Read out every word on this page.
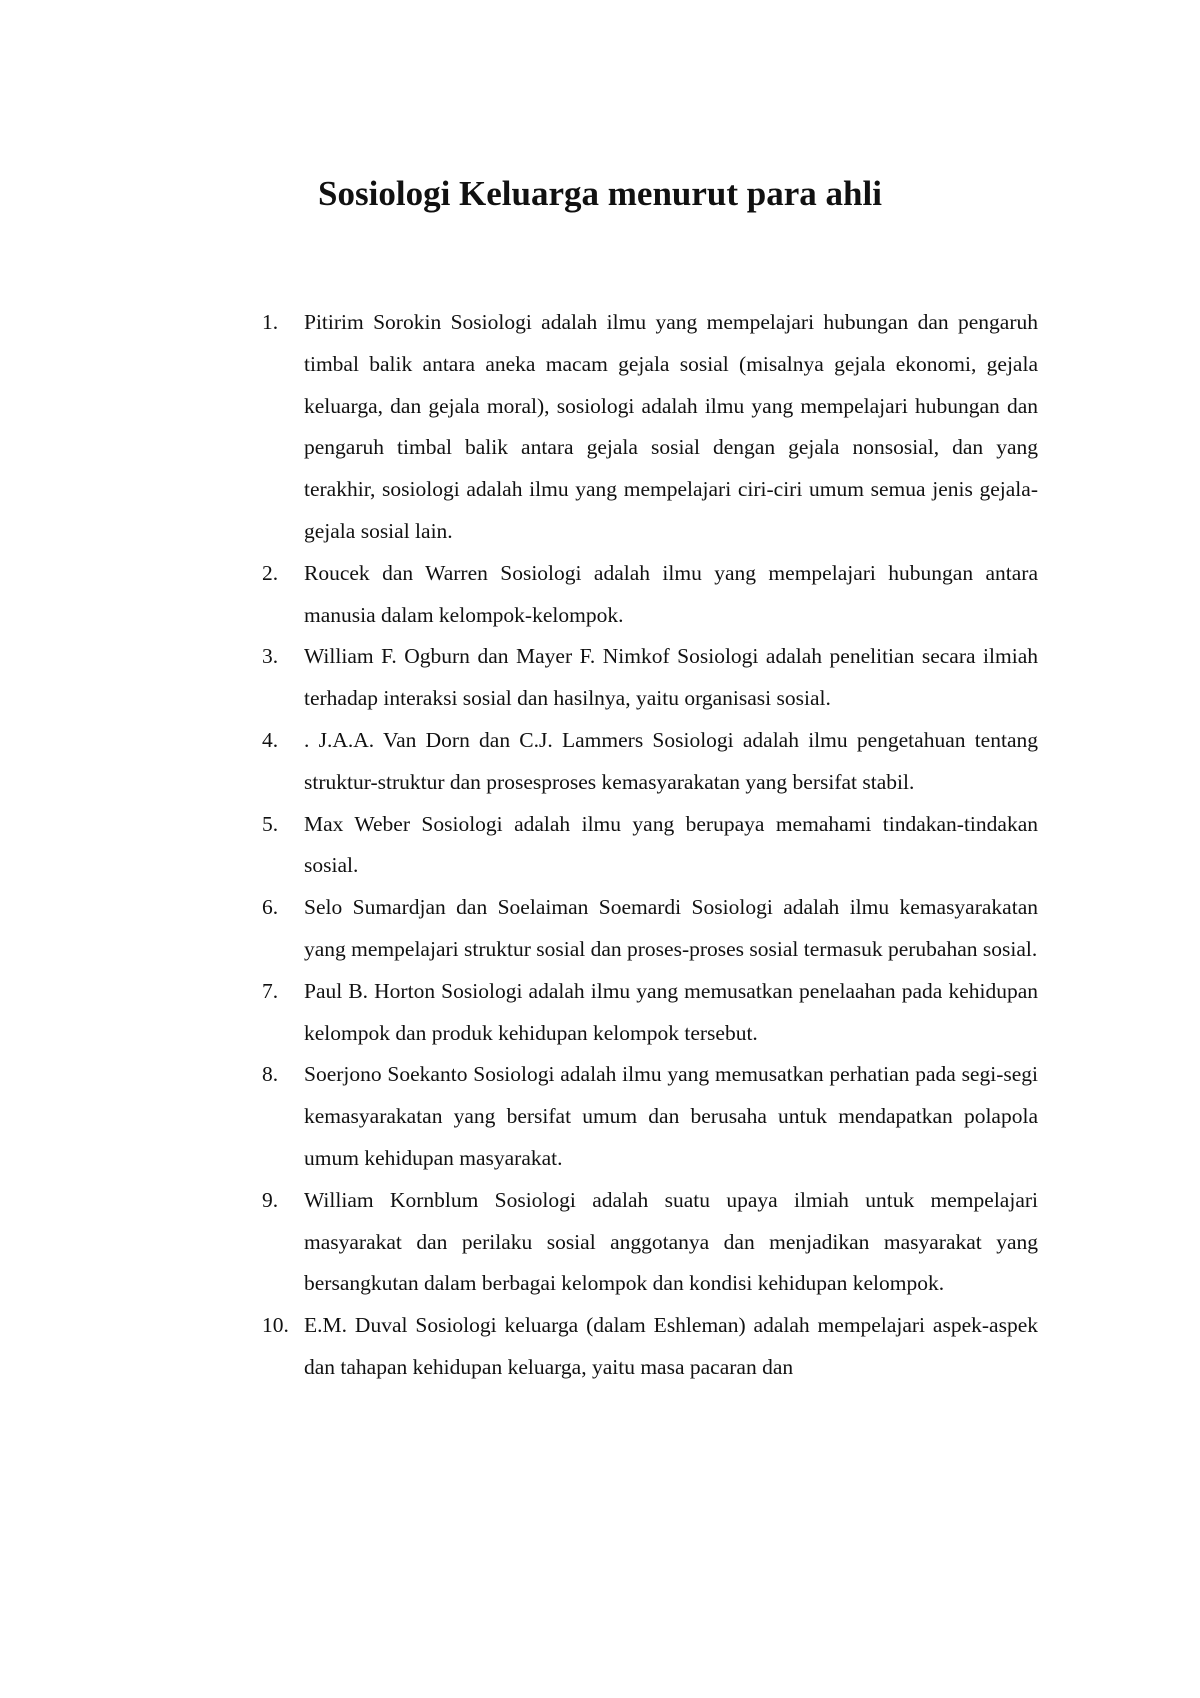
Sosiologi Keluarga menurut para ahli
1.	Pitirim Sorokin Sosiologi adalah ilmu yang mempelajari hubungan dan pengaruh timbal balik antara aneka macam gejala sosial (misalnya gejala ekonomi, gejala keluarga, dan gejala moral), sosiologi adalah ilmu yang mempelajari hubungan dan pengaruh timbal balik antara gejala sosial dengan gejala nonsosial, dan yang terakhir, sosiologi adalah ilmu yang mempelajari ciri-ciri umum semua jenis gejala-gejala sosial lain.
2.	Roucek dan Warren Sosiologi adalah ilmu yang mempelajari hubungan antara manusia dalam kelompok-kelompok.
3.	William F. Ogburn dan Mayer F. Nimkof Sosiologi adalah penelitian secara ilmiah terhadap interaksi sosial dan hasilnya, yaitu organisasi sosial.
4.	. J.A.A. Van Dorn dan C.J. Lammers Sosiologi adalah ilmu pengetahuan tentang struktur-struktur dan prosesproses kemasyarakatan yang bersifat stabil.
5.	Max Weber Sosiologi adalah ilmu yang berupaya memahami tindakan-tindakan sosial.
6.	Selo Sumardjan dan Soelaiman Soemardi Sosiologi adalah ilmu kemasyarakatan yang mempelajari struktur sosial dan proses-proses sosial termasuk perubahan sosial.
7.	Paul B. Horton Sosiologi adalah ilmu yang memusatkan penelaahan pada kehidupan kelompok dan produk kehidupan kelompok tersebut.
8.	Soerjono Soekanto Sosiologi adalah ilmu yang memusatkan perhatian pada segi-segi kemasyarakatan yang bersifat umum dan berusaha untuk mendapatkan polapola umum kehidupan masyarakat.
9.	William Kornblum Sosiologi adalah suatu upaya ilmiah untuk mempelajari masyarakat dan perilaku sosial anggotanya dan menjadikan masyarakat yang bersangkutan dalam berbagai kelompok dan kondisi kehidupan kelompok.
10. E.M. Duval Sosiologi keluarga (dalam Eshleman) adalah mempelajari aspek-aspek dan tahapan kehidupan keluarga, yaitu masa pacaran dan
